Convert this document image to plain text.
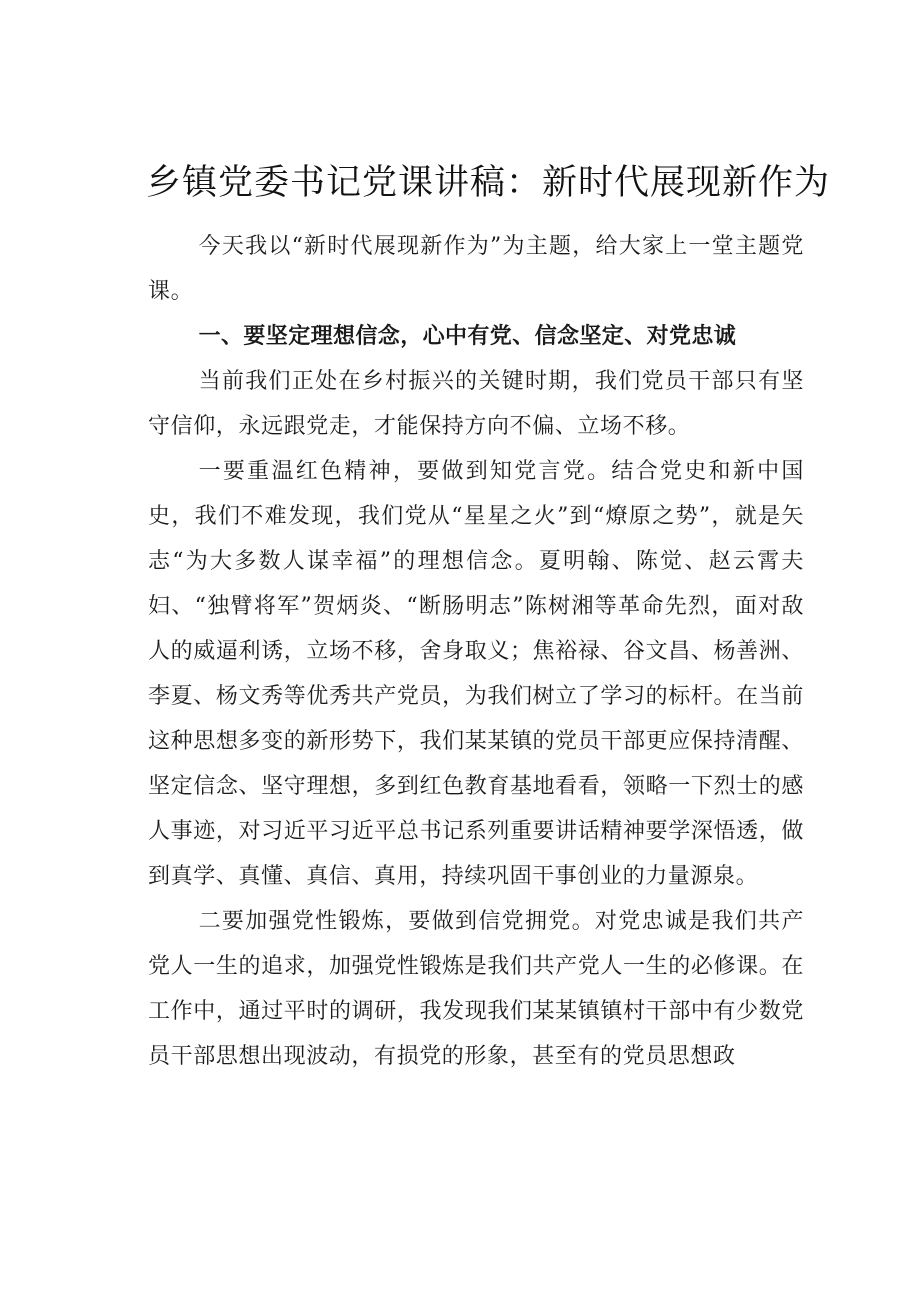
乡镇党委书记党课讲稿：新时代展现新作为

今天我以“新时代展现新作为”为主题，给大家上一堂主题党课。

一、要坚定理想信念，心中有党、信念坚定、对党忠诚

当前我们正处在乡村振兴的关键时期，我们党员干部只有坚守信仰，永远跟党走，才能保持方向不偏、立场不移。

一要重温红色精神，要做到知党言党。结合党史和新中国史，我们不难发现，我们党从“星星之火”到“燎原之势”，就是矢志“为大多数人谋幸福”的理想信念。夏明翰、陈觉、赵云霄夫妇、“独臂将军”贺炳炎、“断肠明志”陈树湘等革命先烈，面对敌人的威逼利诱，立场不移，舍身取义；焦裕禄、谷文昌、杨善洲、李夏、杨文秀等优秀共产党员，为我们树立了学习的标杆。在当前这种思想多变的新形势下，我们某某镇的党员干部更应保持清醒、坚定信念、坚守理想，多到红色教育基地看看，领略一下烈士的感人事迹，对习近平习近平总书记系列重要讲话精神要学深悟透，做到真学、真懂、真信、真用，持续巩固干事创业的力量源泉。

二要加强党性锻炼，要做到信党拥党。对党忠诚是我们共产党人一生的追求，加强党性锻炼是我们共产党人一生的必修课。在工作中，通过平时的调研，我发现我们某某镇镇村干部中有少数党员干部思想出现波动，有损党的形象，甚至有的党员思想政
